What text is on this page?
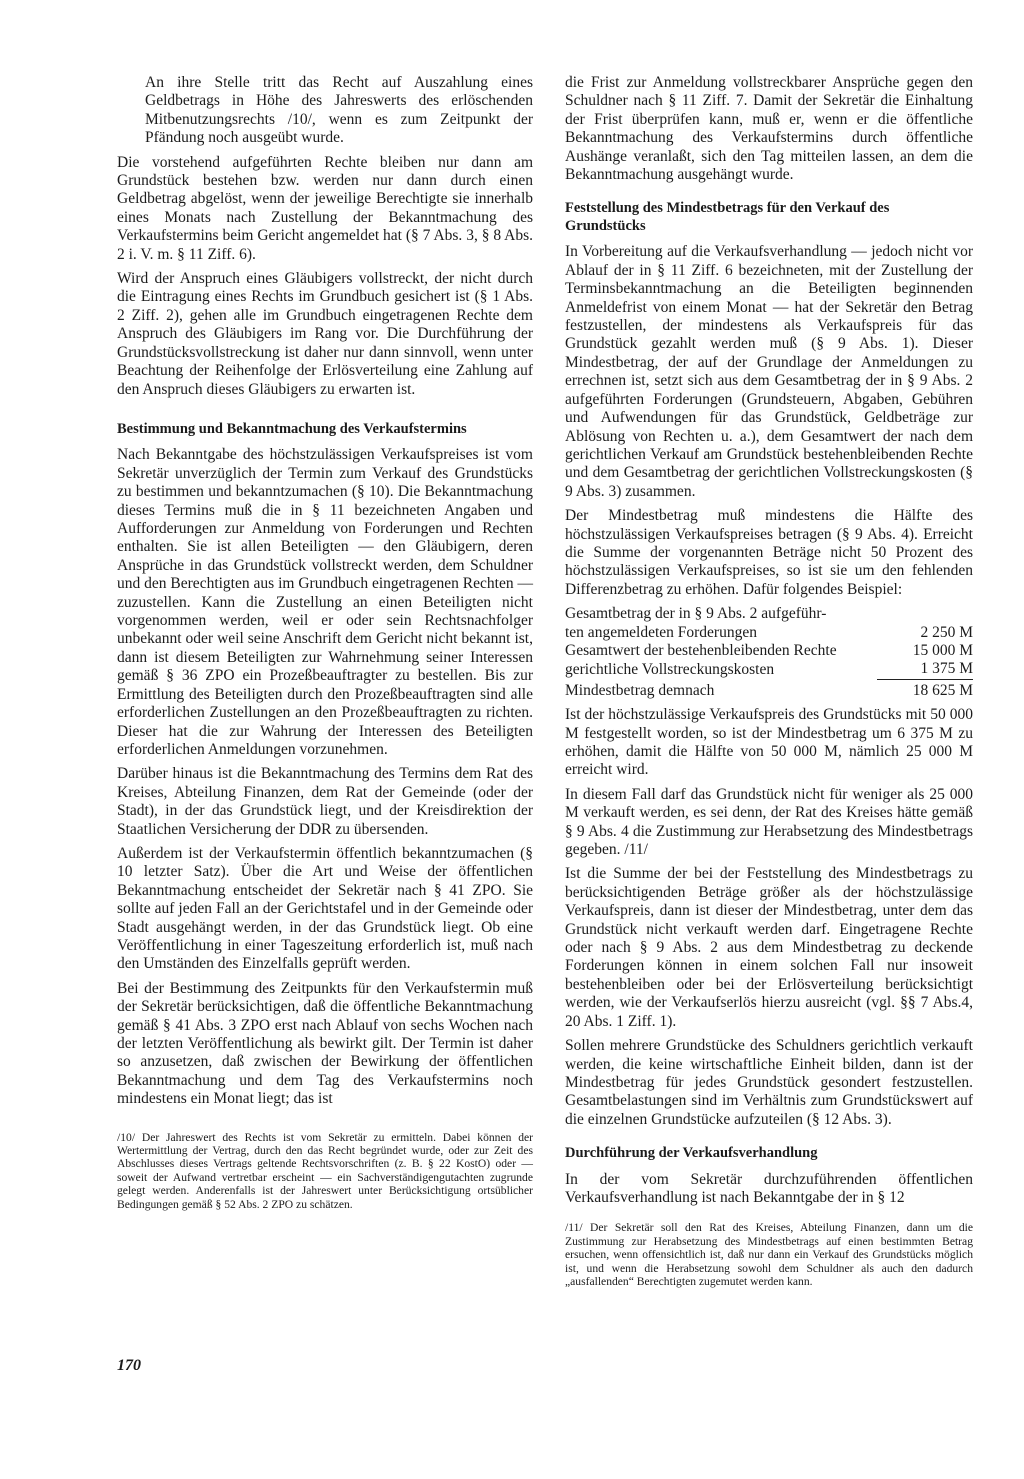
An ihre Stelle tritt das Recht auf Auszahlung eines Geldbetrags in Höhe des Jahreswerts des erlöschenden Mitbenutzungsrechts /10/, wenn es zum Zeitpunkt der Pfändung noch ausgeübt wurde.

Die vorstehend aufgeführten Rechte bleiben nur dann am Grundstück bestehen bzw. werden nur dann durch einen Geldbetrag abgelöst, wenn der jeweilige Berechtigte sie innerhalb eines Monats nach Zustellung der Bekanntmachung des Verkaufstermins beim Gericht angemeldet hat (§ 7 Abs. 3, § 8 Abs. 2 i. V. m. § 11 Ziff. 6).

Wird der Anspruch eines Gläubigers vollstreckt, der nicht durch die Eintragung eines Rechts im Grundbuch gesichert ist (§ 1 Abs. 2 Ziff. 2), gehen alle im Grundbuch eingetragenen Rechte dem Anspruch des Gläubigers im Rang vor. Die Durchführung der Grundstücksvollstreckung ist daher nur dann sinnvoll, wenn unter Beachtung der Reihenfolge der Erlösverteilung eine Zahlung auf den Anspruch dieses Gläubigers zu erwarten ist.

Bestimmung und Bekanntmachung des Verkaufstermins

Nach Bekanntgabe des höchstzulässigen Verkaufspreises ist vom Sekretär unverzüglich der Termin zum Verkauf des Grundstücks zu bestimmen und bekanntzumachen (§ 10). Die Bekanntmachung dieses Termins muß die in § 11 bezeichneten Angaben und Aufforderungen zur Anmeldung von Forderungen und Rechten enthalten. Sie ist allen Beteiligten — den Gläubigern, deren Ansprüche in das Grundstück vollstreckt werden, dem Schuldner und den Berechtigten aus im Grundbuch eingetragenen Rechten — zuzustellen. Kann die Zustellung an einen Beteiligten nicht vorgenommen werden, weil er oder sein Rechtsnachfolger unbekannt oder weil seine Anschrift dem Gericht nicht bekannt ist, dann ist diesem Beteiligten zur Wahrnehmung seiner Interessen gemäß § 36 ZPO ein Prozeßbeauftragter zu bestellen. Bis zur Ermittlung des Beteiligten durch den Prozeßbeauftragten sind alle erforderlichen Zustellungen an den Prozeßbeauftragten zu richten. Dieser hat die zur Wahrung der Interessen des Beteiligten erforderlichen Anmeldungen vorzunehmen.

Darüber hinaus ist die Bekanntmachung des Termins dem Rat des Kreises, Abteilung Finanzen, dem Rat der Gemeinde (oder der Stadt), in der das Grundstück liegt, und der Kreisdirektion der Staatlichen Versicherung der DDR zu übersenden.

Außerdem ist der Verkaufstermin öffentlich bekanntzumachen (§ 10 letzter Satz). Über die Art und Weise der öffentlichen Bekanntmachung entscheidet der Sekretär nach § 41 ZPO. Sie sollte auf jeden Fall an der Gerichtstafel und in der Gemeinde oder Stadt ausgehängt werden, in der das Grundstück liegt. Ob eine Veröffentlichung in einer Tageszeitung erforderlich ist, muß nach den Umständen des Einzelfalls geprüft werden.

Bei der Bestimmung des Zeitpunkts für den Verkaufstermin muß der Sekretär berücksichtigen, daß die öffentliche Bekanntmachung gemäß § 41 Abs. 3 ZPO erst nach Ablauf von sechs Wochen nach der letzten Veröffentlichung als bewirkt gilt. Der Termin ist daher so anzusetzen, daß zwischen der Bewirkung der öffentlichen Bekanntmachung und dem Tag des Verkaufstermins noch mindestens ein Monat liegt; das ist

/10/ Der Jahreswert des Rechts ist vom Sekretär zu ermitteln. Dabei können der Wertermittlung der Vertrag, durch den das Recht begründet wurde, oder zur Zeit des Abschlusses dieses Vertrags geltende Rechtsvorschriften (z. B. § 22 KostO) oder — soweit der Aufwand vertretbar erscheint — ein Sachverständigengutachten zugrunde gelegt werden. Anderenfalls ist der Jahreswert unter Berücksichtigung ortsüblicher Bedingungen gemäß § 52 Abs. 2 ZPO zu schätzen.

die Frist zur Anmeldung vollstreckbarer Ansprüche gegen den Schuldner nach § 11 Ziff. 7. Damit der Sekretär die Einhaltung der Frist überprüfen kann, muß er, wenn er die öffentliche Bekanntmachung des Verkaufstermins durch öffentliche Aushänge veranlaßt, sich den Tag mitteilen lassen, an dem die Bekanntmachung ausgehängt wurde.

Feststellung des Mindestbetrags für den Verkauf des Grundstücks

In Vorbereitung auf die Verkaufsverhandlung — jedoch nicht vor Ablauf der in § 11 Ziff. 6 bezeichneten, mit der Zustellung der Terminsbekanntmachung an die Beteiligten beginnenden Anmeldefrist von einem Monat — hat der Sekretär den Betrag festzustellen, der mindestens als Verkaufspreis für das Grundstück gezahlt werden muß (§ 9 Abs. 1). Dieser Mindestbetrag, der auf der Grundlage der Anmeldungen zu errechnen ist, setzt sich aus dem Gesamtbetrag der in § 9 Abs. 2 aufgeführten Forderungen (Grundsteuern, Abgaben, Gebühren und Aufwendungen für das Grundstück, Geldbeträge zur Ablösung von Rechten u. a.), dem Gesamtwert der nach dem gerichtlichen Verkauf am Grundstück bestehenbleibenden Rechte und dem Gesamtbetrag der gerichtlichen Vollstreckungskosten (§ 9 Abs. 3) zusammen.

Der Mindestbetrag muß mindestens die Hälfte des höchstzulässigen Verkaufspreises betragen (§ 9 Abs. 4). Erreicht die Summe der vorgenannten Beträge nicht 50 Prozent des höchstzulässigen Verkaufspreises, so ist sie um den fehlenden Differenzbetrag zu erhöhen. Dafür folgendes Beispiel:

Gesamtbetrag der in § 9 Abs. 2 aufgeführ-
ten angemeldeten Forderungen	2 250 M
Gesamtwert der bestehenbleibenden Rechte	15 000 M
gerichtliche Vollstreckungskosten	1 375 M
Mindestbetrag demnach	18 625 M

Ist der höchstzulässige Verkaufspreis des Grundstücks mit 50 000 M festgestellt worden, so ist der Mindestbetrag um 6 375 M zu erhöhen, damit die Hälfte von 50 000 M, nämlich 25 000 M erreicht wird.

In diesem Fall darf das Grundstück nicht für weniger als 25 000 M verkauft werden, es sei denn, der Rat des Kreises hätte gemäß § 9 Abs. 4 die Zustimmung zur Herabsetzung des Mindestbetrags gegeben. /11/

Ist die Summe der bei der Feststellung des Mindestbetrags zu berücksichtigenden Beträge größer als der höchstzulässige Verkaufspreis, dann ist dieser der Mindestbetrag, unter dem das Grundstück nicht verkauft werden darf. Eingetragene Rechte oder nach § 9 Abs. 2 aus dem Mindestbetrag zu deckende Forderungen können in einem solchen Fall nur insoweit bestehenbleiben oder bei der Erlösverteilung berücksichtigt werden, wie der Verkaufserlös hierzu ausreicht (vgl. §§ 7 Abs.4, 20 Abs. 1 Ziff. 1).

Sollen mehrere Grundstücke des Schuldners gerichtlich verkauft werden, die keine wirtschaftliche Einheit bilden, dann ist der Mindestbetrag für jedes Grundstück gesondert festzustellen. Gesamtbelastungen sind im Verhältnis zum Grundstückswert auf die einzelnen Grundstücke aufzuteilen (§ 12 Abs. 3).

Durchführung der Verkaufsverhandlung

In der vom Sekretär durchzuführenden öffentlichen Verkaufsverhandlung ist nach Bekanntgabe der in § 12

/11/ Der Sekretär soll den Rat des Kreises, Abteilung Finanzen, dann um die Zustimmung zur Herabsetzung des Mindestbetrags auf einen bestimmten Betrag ersuchen, wenn offensichtlich ist, daß nur dann ein Verkauf des Grundstücks möglich ist, und wenn die Herabsetzung sowohl dem Schuldner als auch den dadurch „ausfallenden“ Berechtigten zugemutet werden kann.

170
